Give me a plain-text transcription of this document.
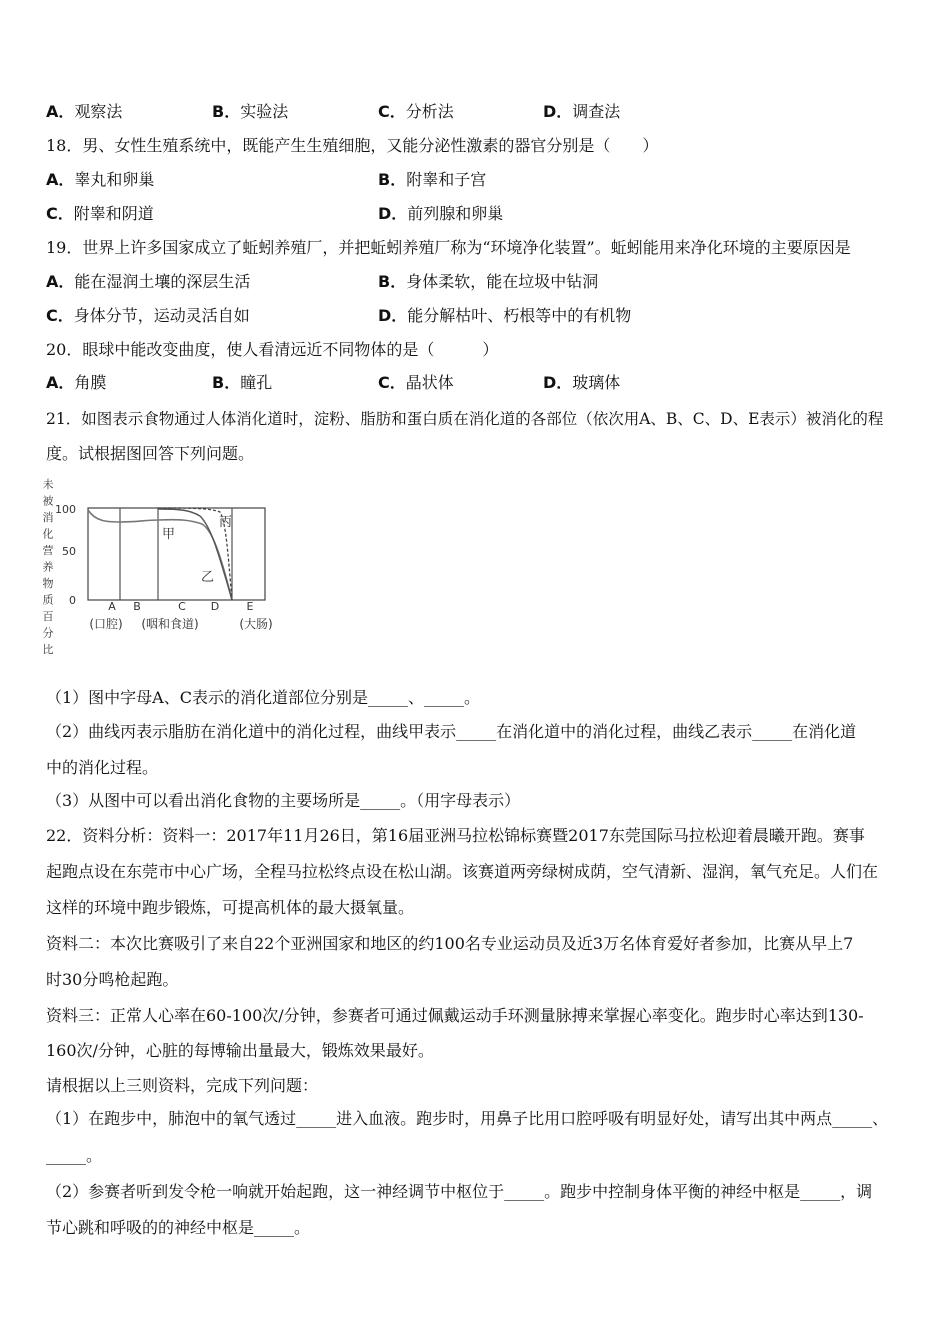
A．观察法	B．实验法	C．分析法	D．调查法
18．男、女性生殖系统中，既能产生生殖细胞，又能分泌性激素的器官分别是（　　）
A．睾丸和卵巢	B．附睾和子宫
C．附睾和阴道	D．前列腺和卵巢
19．世界上许多国家成立了蚯蚓养殖厂，并把蚯蚓养殖厂称为“环境净化装置”。蚯蚓能用来净化环境的主要原因是
A．能在湿润土壤的深层生活	B．身体柔软，能在垃圾中钻洞
C．身体分节，运动灵活自如	D．能分解枯叶、朽根等中的有机物
20．眼球中能改变曲度，使人看清远近不同物体的是（　　　）
A．角膜	B．瞳孔	C．晶状体	D．玻璃体
21．如图表示食物通过人体消化道时，淀粉、脂肪和蛋白质在消化道的各部位（依次用A、B、C、D、E表示）被消化的程
度。试根据图回答下列问题。
未被消化营养物质百分比
100
50
0
甲
乙
丙
A B	C D E
(口腔) (咽和食道)	(大肠)
（1）图中字母A、C表示的消化道部位分别是_____、_____。
（2）曲线丙表示脂肪在消化道中的消化过程，曲线甲表示_____在消化道中的消化过程，曲线乙表示_____在消化道
中的消化过程。
（3）从图中可以看出消化食物的主要场所是_____。（用字母表示）
22．资料分析：资料一：2017年11月26日，第16届亚洲马拉松锦标赛暨2017东莞国际马拉松迎着晨曦开跑。赛事
起跑点设在东莞市中心广场，全程马拉松终点设在松山湖。该赛道两旁绿树成荫，空气清新、湿润，氧气充足。人们在
这样的环境中跑步锻炼，可提高机体的最大摄氧量。
资料二：本次比赛吸引了来自22个亚洲国家和地区的约100名专业运动员及近3万名体育爱好者参加，比赛从早上7
时30分鸣枪起跑。
资料三：正常人心率在60-100次/分钟，参赛者可通过佩戴运动手环测量脉搏来掌握心率变化。跑步时心率达到130-
160次/分钟，心脏的每博输出量最大，锻炼效果最好。
请根据以上三则资料，完成下列问题：
（1）在跑步中，肺泡中的氧气透过_____进入血液。跑步时，用鼻子比用口腔呼吸有明显好处，请写出其中两点_____、
_____。
（2）参赛者听到发令枪一响就开始起跑，这一神经调节中枢位于_____。跑步中控制身体平衡的神经中枢是_____，调
节心跳和呼吸的的神经中枢是_____。
